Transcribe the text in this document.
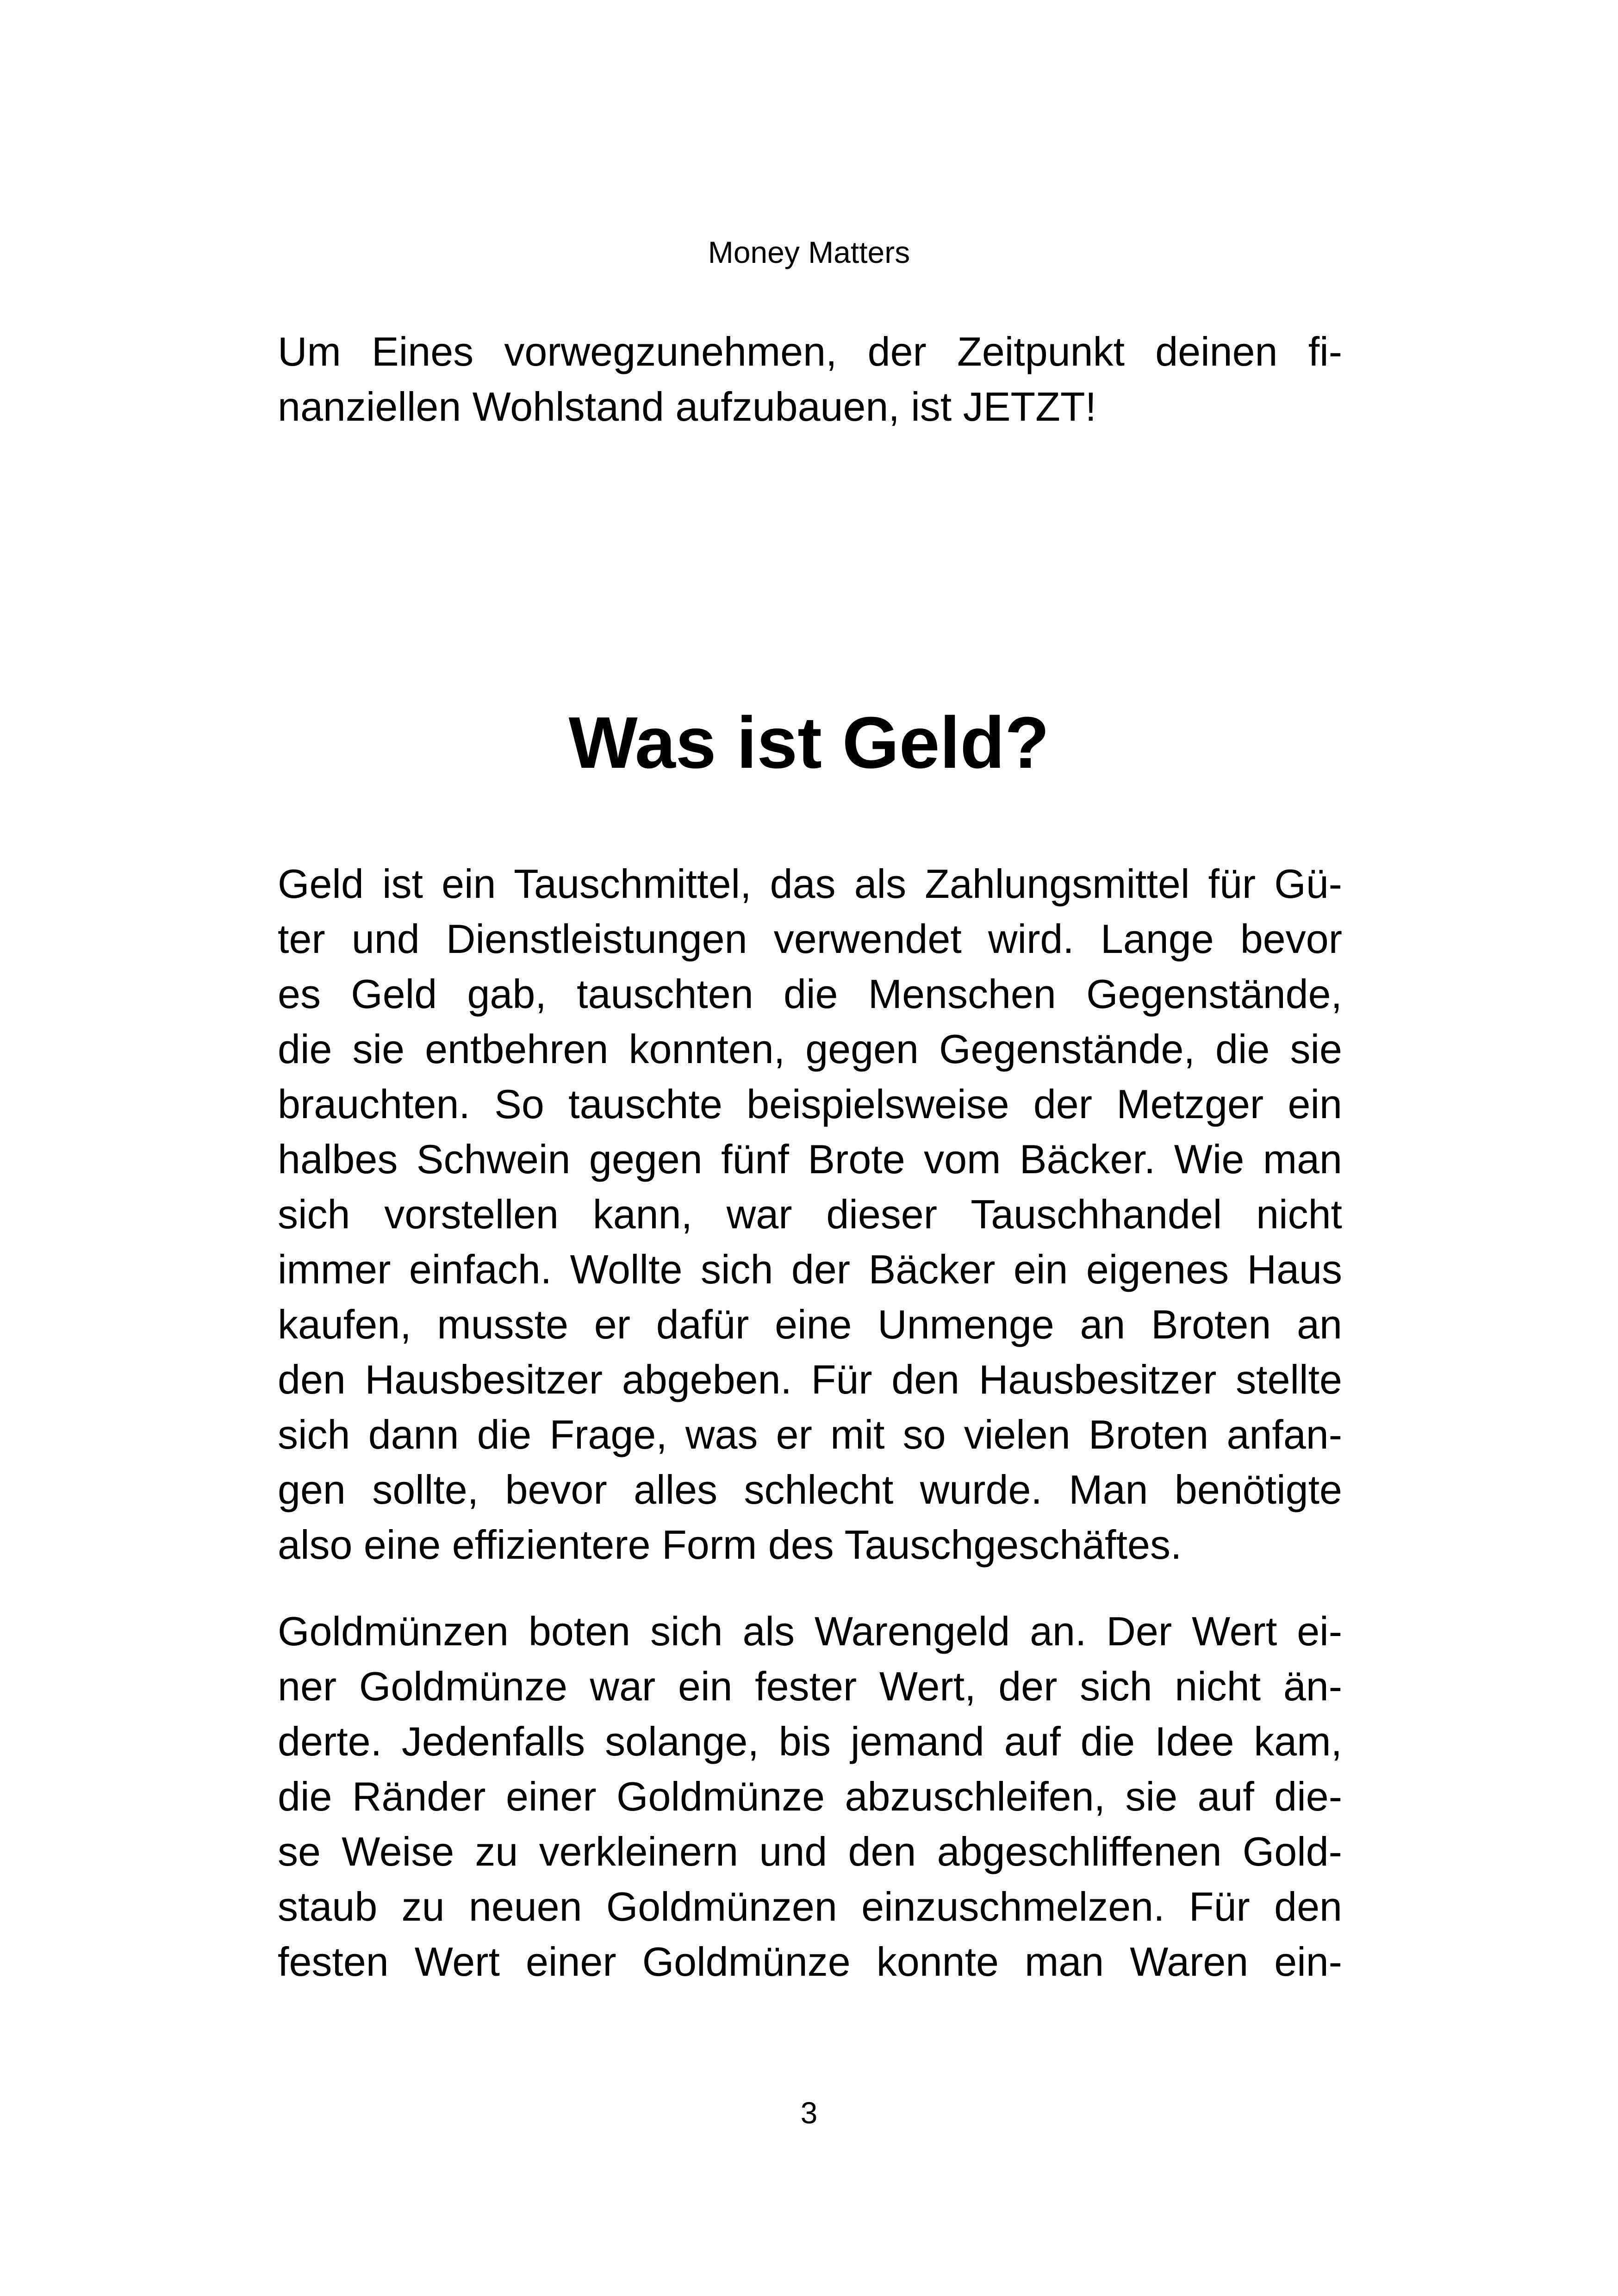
Money Matters
Um Eines vorwegzunehmen, der Zeitpunkt deinen fi-
nanziellen Wohlstand aufzubauen, ist JETZT!
Was ist Geld?
Geld ist ein Tauschmittel, das als Zahlungsmittel für Gü-
ter und Dienstleistungen verwendet wird. Lange bevor
es Geld gab, tauschten die Menschen Gegenstände,
die sie entbehren konnten, gegen Gegenstände, die sie
brauchten. So tauschte beispielsweise der Metzger ein
halbes Schwein gegen fünf Brote vom Bäcker. Wie man
sich vorstellen kann, war dieser Tauschhandel nicht
immer einfach. Wollte sich der Bäcker ein eigenes Haus
kaufen, musste er dafür eine Unmenge an Broten an
den Hausbesitzer abgeben. Für den Hausbesitzer stellte
sich dann die Frage, was er mit so vielen Broten anfan-
gen sollte, bevor alles schlecht wurde. Man benötigte
also eine effizientere Form des Tauschgeschäftes.
Goldmünzen boten sich als Warengeld an. Der Wert ei-
ner Goldmünze war ein fester Wert, der sich nicht än-
derte. Jedenfalls solange, bis jemand auf die Idee kam,
die Ränder einer Goldmünze abzuschleifen, sie auf die-
se Weise zu verkleinern und den abgeschliffenen Gold-
staub zu neuen Goldmünzen einzuschmelzen. Für den
festen Wert einer Goldmünze konnte man Waren ein-
3
